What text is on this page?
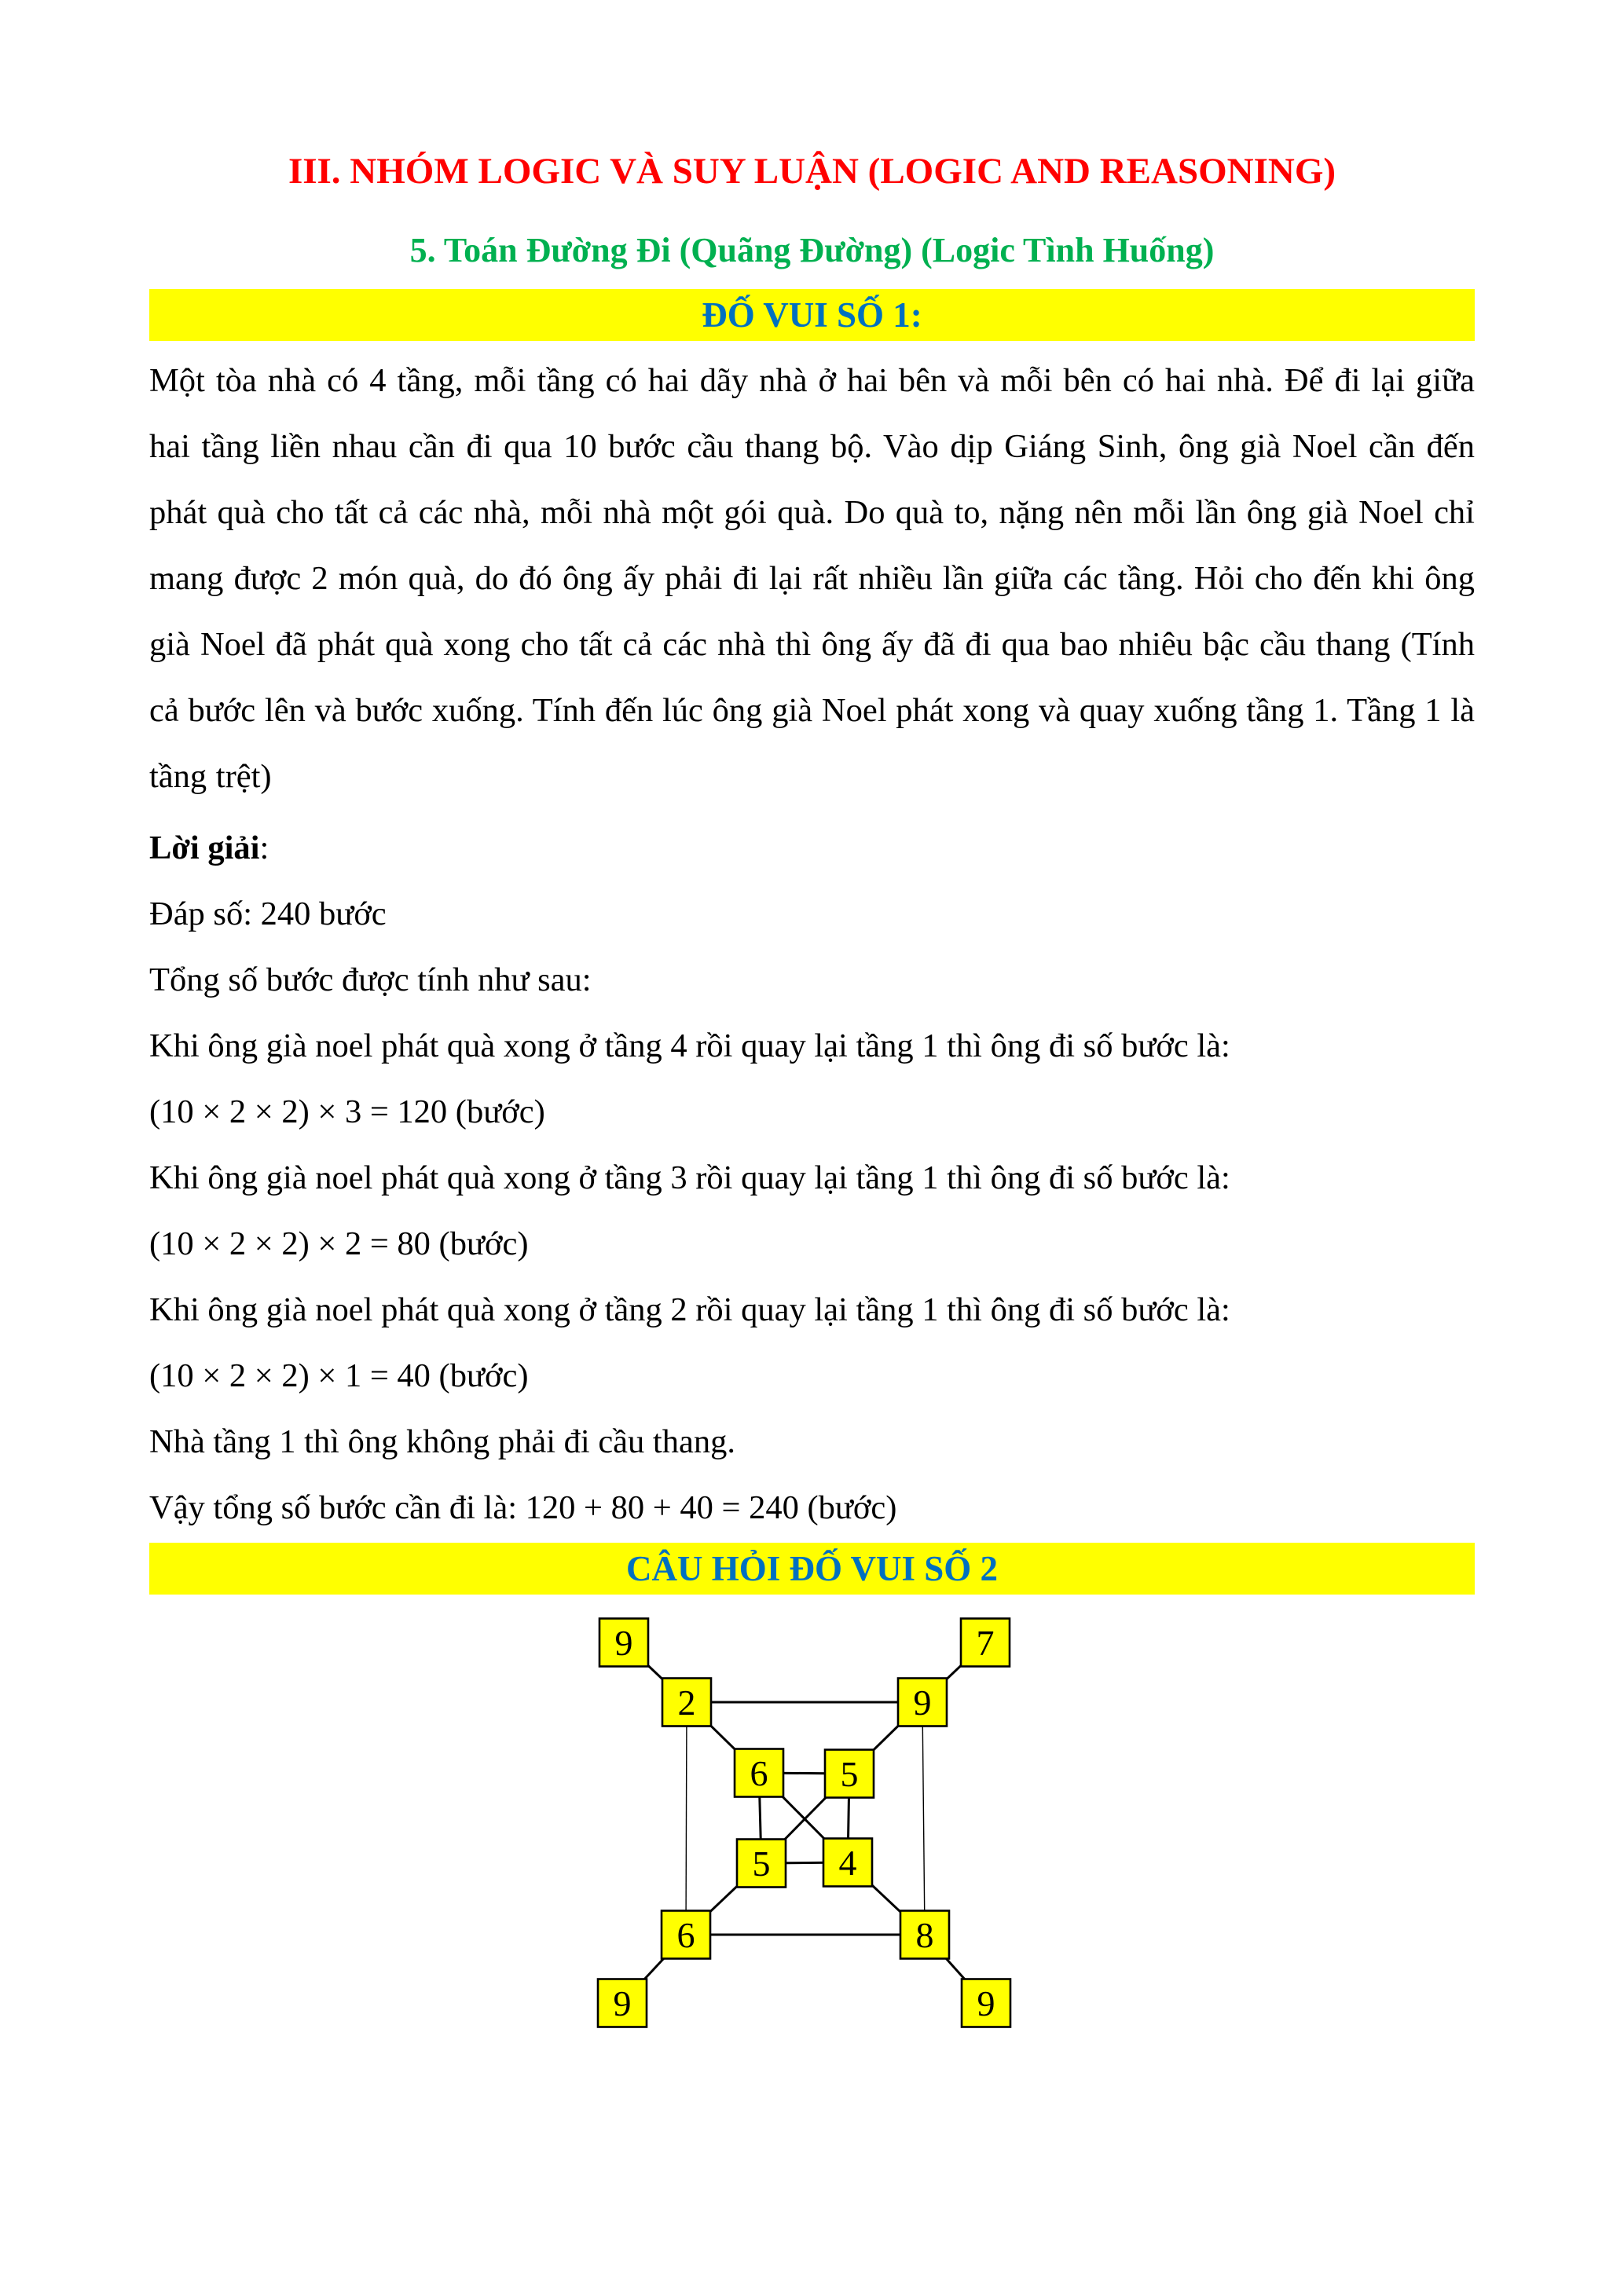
III. NHÓM LOGIC VÀ SUY LUẬN (LOGIC AND REASONING)
5. Toán Đường Đi (Quãng Đường) (Logic Tình Huống)
ĐỐ VUI SỐ 1:

Một tòa nhà có 4 tầng, mỗi tầng có hai dãy nhà ở hai bên và mỗi bên có hai nhà. Để đi lại giữa hai tầng liền nhau cần đi qua 10 bước cầu thang bộ. Vào dịp Giáng Sinh, ông già Noel cần đến phát quà cho tất cả các nhà, mỗi nhà một gói quà. Do quà to, nặng nên mỗi lần ông già Noel chỉ mang được 2 món quà, do đó ông ấy phải đi lại rất nhiều lần giữa các tầng. Hỏi cho đến khi ông già Noel đã phát quà xong cho tất cả các nhà thì ông ấy đã đi qua bao nhiêu bậc cầu thang (Tính cả bước lên và bước xuống. Tính đến lúc ông già Noel phát xong và quay xuống tầng 1. Tầng 1 là tầng trệt)

Lời giải:
Đáp số: 240 bước
Tổng số bước được tính như sau:
Khi ông già noel phát quà xong ở tầng 4 rồi quay lại tầng 1 thì ông đi số bước là:
(10 × 2 × 2) × 3 = 120 (bước)
Khi ông già noel phát quà xong ở tầng 3 rồi quay lại tầng 1 thì ông đi số bước là:
(10 × 2 × 2) × 2 = 80 (bước)
Khi ông già noel phát quà xong ở tầng 2 rồi quay lại tầng 1 thì ông đi số bước là:
(10 × 2 × 2) × 1 = 40 (bước)
Nhà tầng 1 thì ông không phải đi cầu thang.
Vậy tổng số bước cần đi là: 120 + 80 + 40 = 240 (bước)
CÂU HỎI ĐỐ VUI SỐ 2
9	7
2	9
6 5
5 4
6	8
9	9
